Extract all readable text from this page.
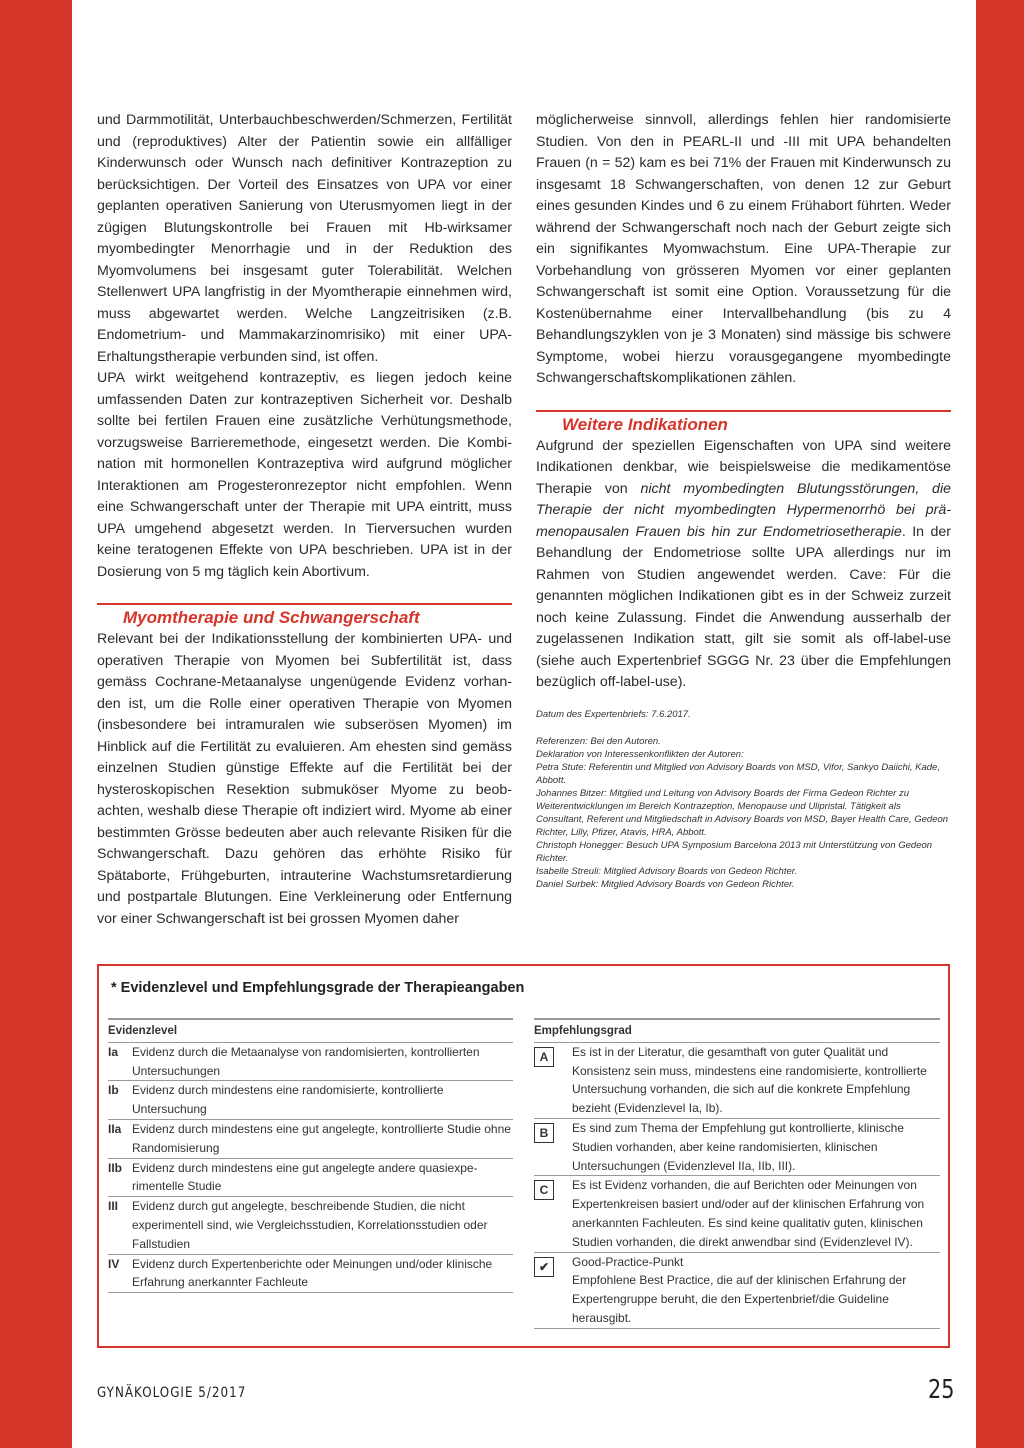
und Darmmotilität, Unterbauchbeschwerden/Schmerzen, Fertilität und (reproduktives) Alter der Patientin sowie ein allfälliger Kinderwunsch oder Wunsch nach definitiver Kontrazeption zu berücksichtigen. Der Vorteil des Einsatzes von UPA vor einer geplanten operativen Sanierung von Uterusmyomen liegt in der zügigen Blutungskontrolle bei Frauen mit Hb-wirksamer myombedingter Menorrhagie und in der Reduktion des Myomvolumens bei insgesamt guter Tolerabilität. Welchen Stellenwert UPA langfristig in der Myomtherapie einnehmen wird, muss abgewartet werden. Welche Langzeitrisiken (z.B. Endometrium- und Mammakarzinomrisiko) mit einer UPA-Erhaltungstherapie verbunden sind, ist offen.

UPA wirkt weitgehend kontrazeptiv, es liegen jedoch keine umfassenden Daten zur kontrazeptiven Sicherheit vor. Deshalb sollte bei fertilen Frauen eine zusätzliche Verhütungsmethode, vorzugsweise Barrieremethode, eingesetzt werden. Die Kombination mit hormonellen Kontrazeptiva wird aufgrund möglicher Interaktionen am Progesteronrezeptor nicht empfohlen. Wenn eine Schwangerschaft unter der Therapie mit UPA eintritt, muss UPA umgehend abgesetzt werden. In Tierversuchen wurden keine teratogenen Effekte von UPA beschrieben. UPA ist in der Dosierung von 5 mg täglich kein Abortivum.

Myomtherapie und Schwangerschaft

Relevant bei der Indikationsstellung der kombinierten UPA- und operativen Therapie von Myomen bei Subfertilität ist, dass gemäss Cochrane-Metaanalyse ungenügende Evidenz vorhanden ist, um die Rolle einer operativen Therapie von Myomen (insbesondere bei intramuralen wie subserösen Myomen) im Hinblick auf die Fertilität zu evaluieren. Am ehesten sind gemäss einzelnen Studien günstige Effekte auf die Fertilität bei der hysteroskopischen Resektion submuköser Myome zu beobachten, weshalb diese Therapie oft indiziert wird. Myome ab einer bestimmten Grösse bedeuten aber auch relevante Risiken für die Schwangerschaft. Dazu gehören das erhöhte Risiko für Spätaborte, Frühgeburten, intrauterine Wachstumsretardierung und postpartale Blutungen. Eine Verkleinerung oder Entfernung vor einer Schwangerschaft ist bei grossen Myomen daher

möglicherweise sinnvoll, allerdings fehlen hier randomisierte Studien. Von den in PEARL-II und -III mit UPA behandelten Frauen (n = 52) kam es bei 71% der Frauen mit Kinderwunsch zu insgesamt 18 Schwangerschaften, von denen 12 zur Geburt eines gesunden Kindes und 6 zu einem Frühabort führten. Weder während der Schwangerschaft noch nach der Geburt zeigte sich ein signifikantes Myomwachstum. Eine UPA-Therapie zur Vorbehandlung von grösseren Myomen vor einer geplanten Schwangerschaft ist somit eine Option. Voraussetzung für die Kostenübernahme einer Intervallbehandlung (bis zu 4 Behandlungszyklen von je 3 Monaten) sind mässige bis schwere Symptome, wobei hierzu vorausgegangene myombedingte Schwangerschaftskomplikationen zählen.

Weitere Indikationen

Aufgrund der speziellen Eigenschaften von UPA sind weitere Indikationen denkbar, wie beispielsweise die medikamentöse Therapie von nicht myombedingten Blutungsstörungen, die Therapie der nicht myombedingten Hypermenorrhö bei prämenopausalen Frauen bis hin zur Endometriosetherapie. In der Behandlung der Endometriose sollte UPA allerdings nur im Rahmen von Studien angewendet werden. Cave: Für die genannten möglichen Indikationen gibt es in der Schweiz zurzeit noch keine Zulassung. Findet die Anwendung ausserhalb der zugelassenen Indikation statt, gilt sie somit als off-label-use (siehe auch Expertenbrief SGGG Nr. 23 über die Empfehlungen bezüglich off-label-use).

Datum des Expertenbriefs: 7.6.2017.
Referenzen: Bei den Autoren.
Deklaration von Interessenkonflikten der Autoren:
Petra Stute: Referentin und Mitglied von Advisory Boards von MSD, Vifor, Sankyo Daiichi, Kade, Abbott.
Johannes Bitzer: Mitglied und Leitung von Advisory Boards der Firma Gedeon Richter zu Weiterentwicklungen im Bereich Kontrazeption, Menopause und Ulipristal. Tätigkeit als Consultant, Referent und Mitgliedschaft in Advisory Boards von MSD, Bayer Health Care, Gedeon Richter, Lilly, Pfizer, Atavis, HRA, Abbott.
Christoph Honegger: Besuch UPA Symposium Barcelona 2013 mit Unterstützung von Gedeon Richter.
Isabelle Streuli: Mitglied Advisory Boards von Gedeon Richter.
Daniel Surbek: Mitglied Advisory Boards von Gedeon Richter.
* Evidenzlevel und Empfehlungsgrade der Therapieangaben
Evidenzlevel
Ia	Evidenz durch die Metaanalyse von randomisierten, kontrollierten Untersuchungen
Ib	Evidenz durch mindestens eine randomisierte, kontrollierte Untersuchung
IIa Evidenz durch mindestens eine gut angelegte, kontrollierte Studie ohne Randomisierung
IIb Evidenz durch mindestens eine gut angelegte andere quasiexperimentelle Studie
III	Evidenz durch gut angelegte, beschreibende Studien, die nicht experimentell sind, wie Vergleichsstudien, Korrelationsstudien oder Fallstudien
IV	Evidenz durch Expertenberichte oder Meinungen und/oder klinische Erfahrung anerkannter Fachleute
Empfehlungsgrad
A	Es ist in der Literatur, die gesamthaft von guter Qualität und Konsistenz sein muss, mindestens eine randomisierte, kontrollierte Untersuchung vorhanden, die sich auf die konkrete Empfehlung bezieht (Evidenzlevel Ia, Ib).
B	Es sind zum Thema der Empfehlung gut kontrollierte, klinische Studien vorhanden, aber keine randomisierten, klinischen Untersuchungen (Evidenzlevel IIa, IIb, III).
C	Es ist Evidenz vorhanden, die auf Berichten oder Meinungen von Expertenkreisen basiert und/oder auf der klinischen Erfahrung von anerkannten Fachleuten. Es sind keine qualitativ guten, klinischen Studien vorhanden, die direkt anwendbar sind (Evidenzlevel IV).
✔	Good-Practice-Punkt
Empfohlene Best Practice, die auf der klinischen Erfahrung der Expertengruppe beruht, die den Expertenbrief/die Guideline herausgibt.
GYNÄKOLOGIE 5/2017	25
